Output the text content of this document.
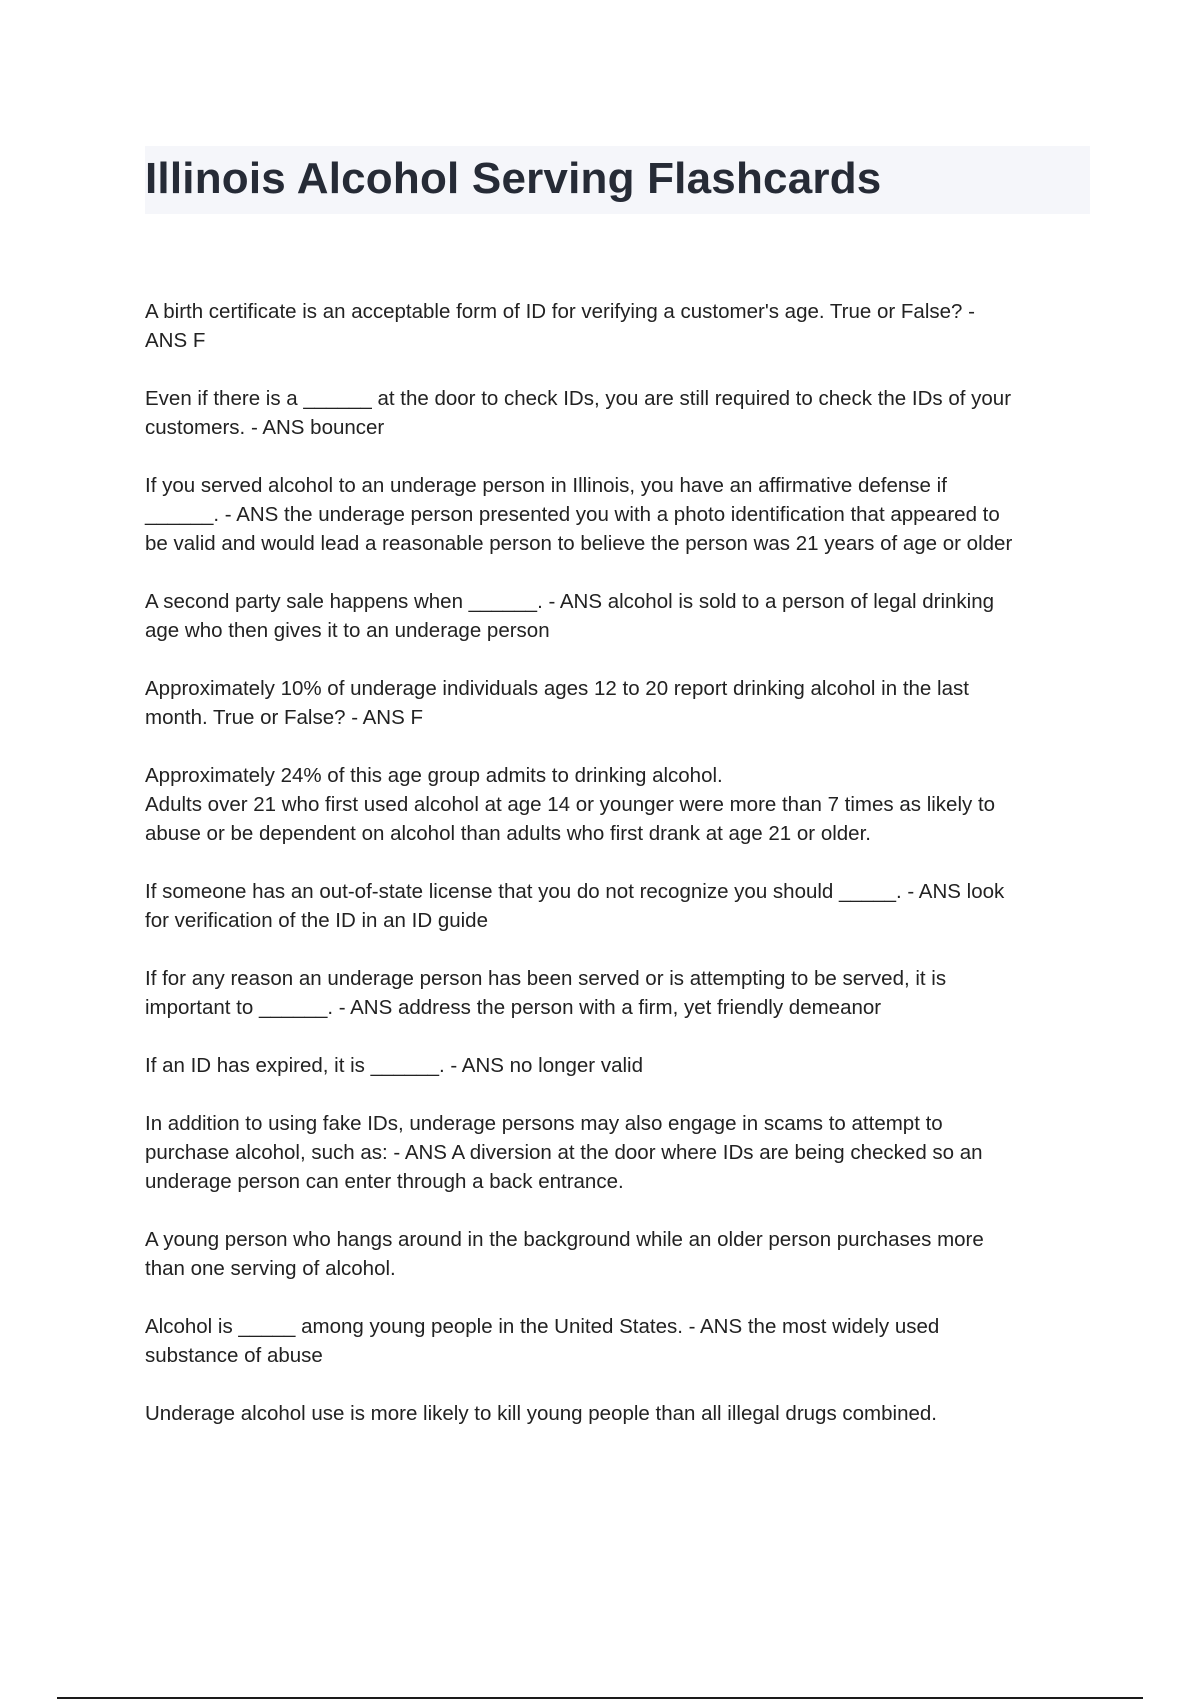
Illinois Alcohol Serving Flashcards

A birth certificate is an acceptable form of ID for verifying a customer's age. True or False? -
ANS F

Even if there is a ______ at the door to check IDs, you are still required to check the IDs of your
customers. - ANS bouncer

If you served alcohol to an underage person in Illinois, you have an affirmative defense if
______. - ANS the underage person presented you with a photo identification that appeared to
be valid and would lead a reasonable person to believe the person was 21 years of age or older

A second party sale happens when ______. - ANS alcohol is sold to a person of legal drinking
age who then gives it to an underage person

Approximately 10% of underage individuals ages 12 to 20 report drinking alcohol in the last
month. True or False? - ANS F

Approximately 24% of this age group admits to drinking alcohol.
Adults over 21 who first used alcohol at age 14 or younger were more than 7 times as likely to
abuse or be dependent on alcohol than adults who first drank at age 21 or older.

If someone has an out-of-state license that you do not recognize you should _____. - ANS look
for verification of the ID in an ID guide

If for any reason an underage person has been served or is attempting to be served, it is
important to ______. - ANS address the person with a firm, yet friendly demeanor

If an ID has expired, it is ______. - ANS no longer valid

In addition to using fake IDs, underage persons may also engage in scams to attempt to
purchase alcohol, such as: - ANS A diversion at the door where IDs are being checked so an
underage person can enter through a back entrance.

A young person who hangs around in the background while an older person purchases more
than one serving of alcohol.

Alcohol is _____ among young people in the United States. - ANS the most widely used
substance of abuse

Underage alcohol use is more likely to kill young people than all illegal drugs combined.
